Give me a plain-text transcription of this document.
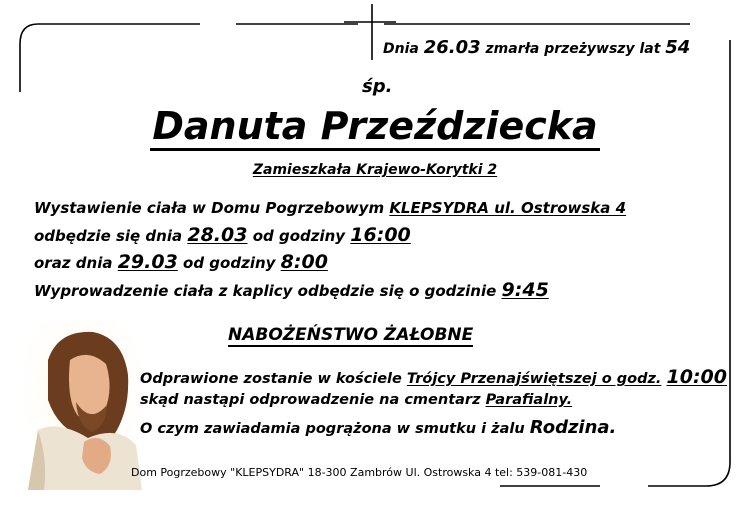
Dnia 26.03 zmarła przeżywszy lat 54
śp.
Danuta Przeździecka
Zamieszkała Krajewo-Korytki 2
Wystawienie ciała w Domu Pogrzebowym KLEPSYDRA ul. Ostrowska 4
odbędzie się dnia 28.03 od godziny 16:00
oraz dnia 29.03 od godziny 8:00
Wyprowadzenie ciała z kaplicy odbędzie się o godzinie 9:45
NABOŻEŃSTWO ŻAŁOBNE
Odprawione zostanie w kościele Trójcy Przenajświętszej o godz. 10:00
skąd nastąpi odprowadzenie na cmentarz Parafialny.
O czym zawiadamia pogrążona w smutku i żalu Rodzina.
Dom Pogrzebowy "KLEPSYDRA" 18-300 Zambrów Ul. Ostrowska 4 tel: 539-081-430
